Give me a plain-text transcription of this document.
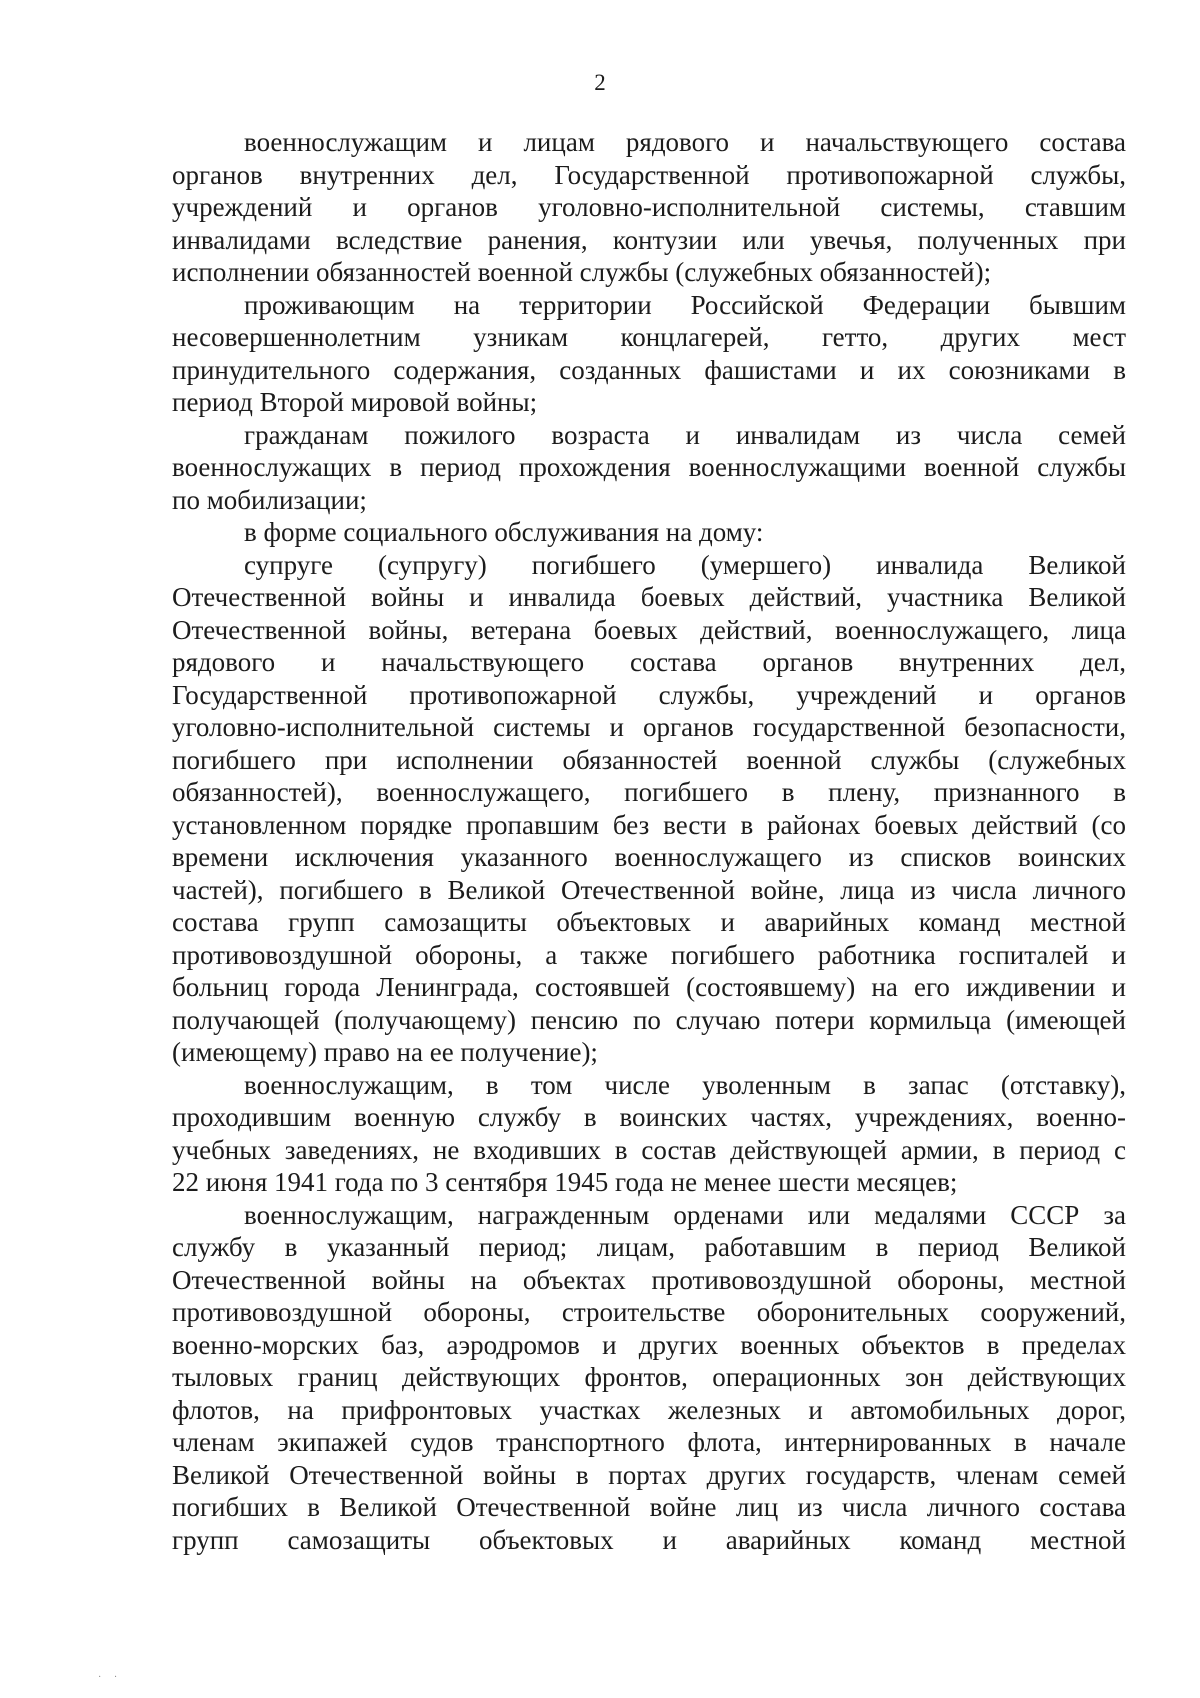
2
военнослужащим и лицам рядового и начальствующего состава
органов внутренних дел, Государственной противопожарной службы,
учреждений и органов уголовно-исполнительной системы, ставшим
инвалидами вследствие ранения, контузии или увечья, полученных при
исполнении обязанностей военной службы (служебных обязанностей);
проживающим на территории Российской Федерации бывшим
несовершеннолетним узникам концлагерей, гетто, других мест
принудительного содержания, созданных фашистами и их союзниками в
период Второй мировой войны;
гражданам пожилого возраста и инвалидам из числа семей
военнослужащих в период прохождения военнослужащими военной службы
по мобилизации;
в форме социального обслуживания на дому:
супруге (супругу) погибшего (умершего) инвалида Великой
Отечественной войны и инвалида боевых действий, участника Великой
Отечественной войны, ветерана боевых действий, военнослужащего, лица
рядового и начальствующего состава органов внутренних дел,
Государственной противопожарной службы, учреждений и органов
уголовно-исполнительной системы и органов государственной безопасности,
погибшего при исполнении обязанностей военной службы (служебных
обязанностей), военнослужащего, погибшего в плену, признанного в
установленном порядке пропавшим без вести в районах боевых действий (со
времени исключения указанного военнослужащего из списков воинских
частей), погибшего в Великой Отечественной войне, лица из числа личного
состава групп самозащиты объектовых и аварийных команд местной
противовоздушной обороны, а также погибшего работника госпиталей и
больниц города Ленинграда, состоявшей (состоявшему) на его иждивении и
получающей (получающему) пенсию по случаю потери кормильца (имеющей
(имеющему) право на ее получение);
военнослужащим, в том числе уволенным в запас (отставку),
проходившим военную службу в воинских частях, учреждениях, военно-
учебных заведениях, не входивших в состав действующей армии, в период с
22 июня 1941 года по 3 сентября 1945 года не менее шести месяцев;
военнослужащим, награжденным орденами или медалями СССР за
службу в указанный период; лицам, работавшим в период Великой
Отечественной войны на объектах противовоздушной обороны, местной
противовоздушной обороны, строительстве оборонительных сооружений,
военно-морских баз, аэродромов и других военных объектов в пределах
тыловых границ действующих фронтов, операционных зон действующих
флотов, на прифронтовых участках железных и автомобильных дорог,
членам экипажей судов транспортного флота, интернированных в начале
Великой Отечественной войны в портах других государств, членам семей
погибших в Великой Отечественной войне лиц из числа личного состава
групп самозащиты объектовых и аварийных команд местной
· ·
